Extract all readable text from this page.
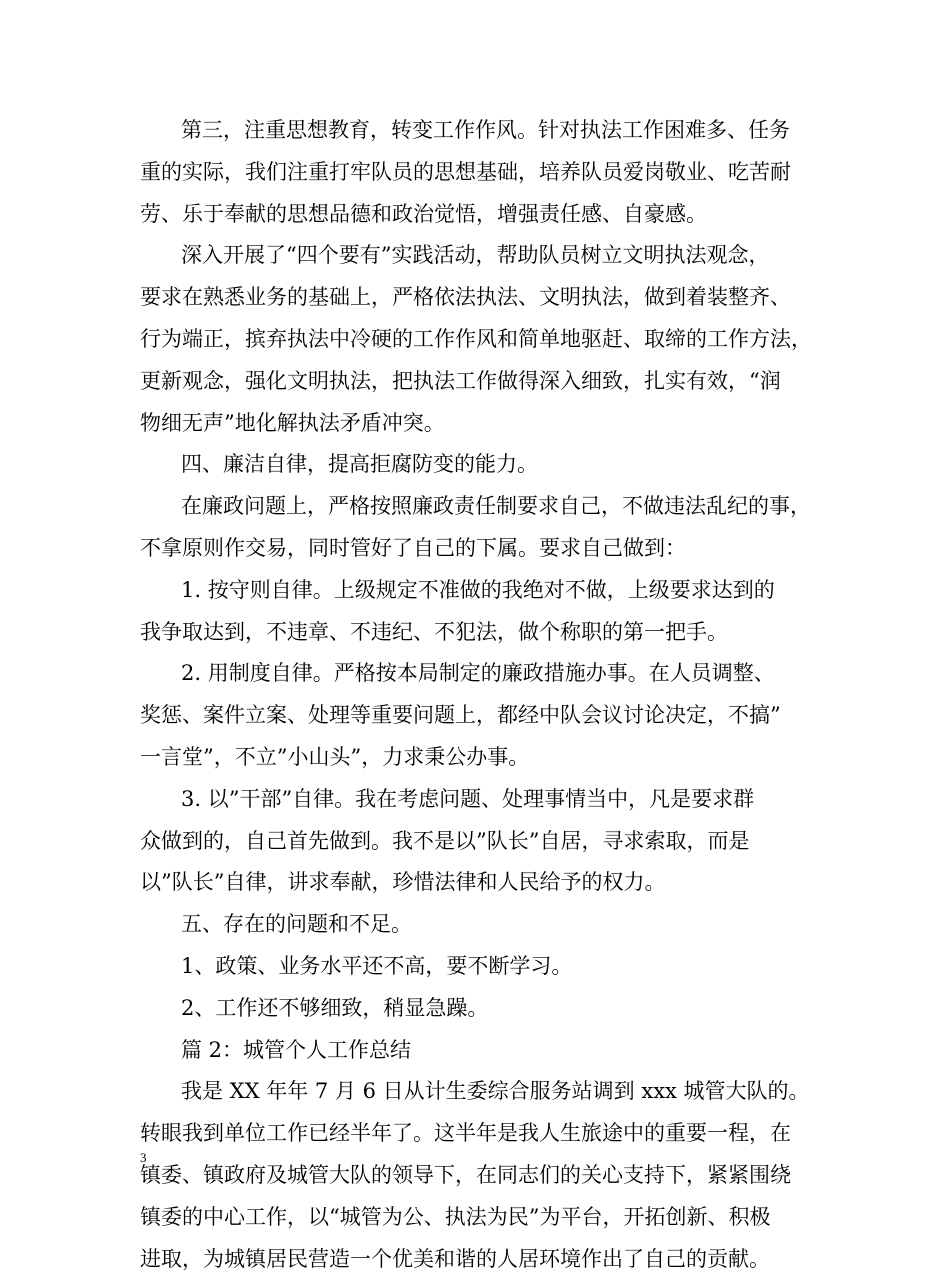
第三，注重思想教育，转变工作作风。针对执法工作困难多、任务
重的实际，我们注重打牢队员的思想基础，培养队员爱岗敬业、吃苦耐
劳、乐于奉献的思想品德和政治觉悟，增强责任感、自豪感。
深入开展了“四个要有”实践活动，帮助队员树立文明执法观念，
要求在熟悉业务的基础上，严格依法执法、文明执法，做到着装整齐、
行为端正，摈弃执法中冷硬的工作作风和简单地驱赶、取缔的工作方法，
更新观念，强化文明执法，把执法工作做得深入细致，扎实有效，“润
物细无声”地化解执法矛盾冲突。
四、廉洁自律，提高拒腐防变的能力。
在廉政问题上，严格按照廉政责任制要求自己，不做违法乱纪的事，
不拿原则作交易，同时管好了自己的下属。要求自己做到：
1. 按守则自律。上级规定不准做的我绝对不做，上级要求达到的
我争取达到，不违章、不违纪、不犯法，做个称职的第一把手。
2. 用制度自律。严格按本局制定的廉政措施办事。在人员调整、
奖惩、案件立案、处理等重要问题上，都经中队会议讨论决定，不搞”
一言堂”，不立”小山头”，力求秉公办事。
3. 以”干部”自律。我在考虑问题、处理事情当中，凡是要求群
众做到的，自己首先做到。我不是以”队长”自居，寻求索取，而是
以”队长”自律，讲求奉献，珍惜法律和人民给予的权力。
五、存在的问题和不足。
1、政策、业务水平还不高，要不断学习。
2、工作还不够细致，稍显急躁。
篇 2：城管个人工作总结
我是 XX 年年 7 月 6 日从计生委综合服务站调到 xxx 城管大队的。
转眼我到单位工作已经半年了。这半年是我人生旅途中的重要一程，在
镇委、镇政府及城管大队的领导下，在同志们的关心支持下，紧紧围绕
镇委的中心工作，以“城管为公、执法为民”为平台，开拓创新、积极
进取，为城镇居民营造一个优美和谐的人居环境作出了自己的贡献。
3
